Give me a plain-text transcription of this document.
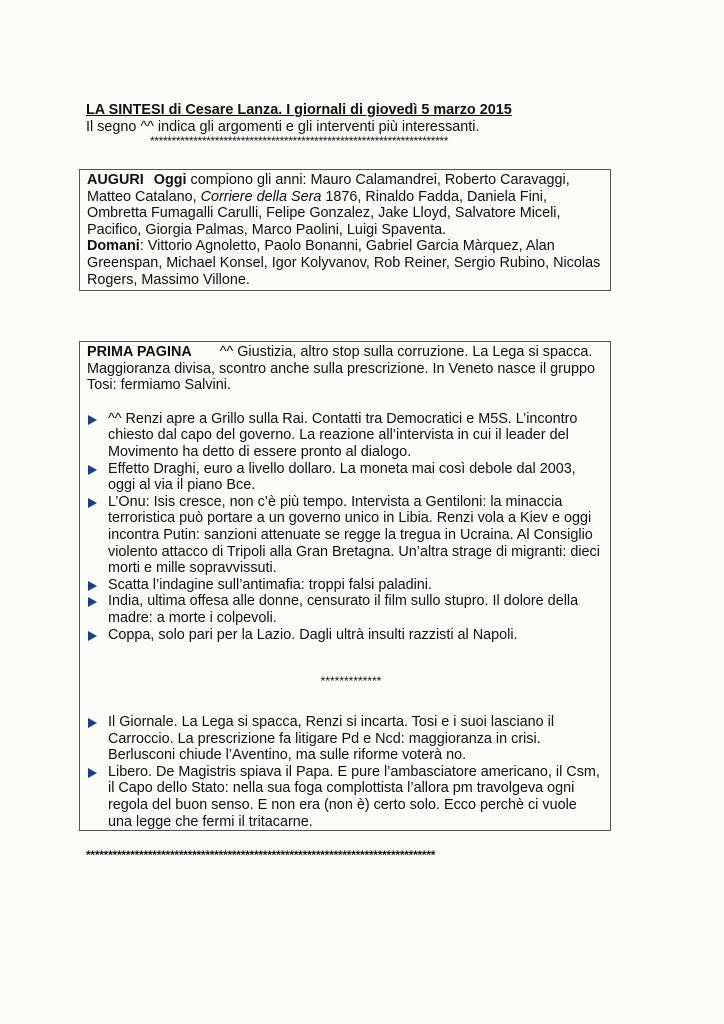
LA SINTESI di Cesare Lanza. I giornali di giovedì 5 marzo 2015
Il segno ^^ indica gli argomenti e gli interventi più interessanti.
*********************************************************************

AUGURI Oggi compiono gli anni: Mauro Calamandrei, Roberto Caravaggi, Matteo Catalano, Corriere della Sera 1876, Rinaldo Fadda, Daniela Fini, Ombretta Fumagalli Carulli, Felipe Gonzalez, Jake Lloyd, Salvatore Miceli, Pacifico, Giorgia Palmas, Marco Paolini, Luigi Spaventa.

Domani: Vittorio Agnoletto, Paolo Bonanni, Gabriel Garcia Màrquez, Alan Greenspan, Michael Konsel, Igor Kolyvanov, Rob Reiner, Sergio Rubino, Nicolas Rogers, Massimo Villone.

PRIMA PAGINA ^^ Giustizia, altro stop sulla corruzione. La Lega si spacca. Maggioranza divisa, scontro anche sulla prescrizione. In Veneto nasce il gruppo Tosi: fermiamo Salvini.

^^ Renzi apre a Grillo sulla Rai. Contatti tra Democratici e M5S. L’incontro chiesto dal capo del governo. La reazione all’intervista in cui il leader del Movimento ha detto di essere pronto al dialogo.
Effetto Draghi, euro a livello dollaro. La moneta mai così debole dal 2003, oggi al via il piano Bce.
L’Onu: Isis cresce, non c’è più tempo. Intervista a Gentiloni: la minaccia terroristica può portare a un governo unico in Libia. Renzi vola a Kiev e oggi incontra Putin: sanzioni attenuate se regge la tregua in Ucraina. Al Consiglio violento attacco di Tripoli alla Gran Bretagna. Un’altra strage di migranti: dieci morti e mille sopravvissuti.
Scatta l’indagine sull’antimafia: troppi falsi paladini.
India, ultima offesa alle donne, censurato il film sullo stupro. Il dolore della madre: a morte i colpevoli.
Coppa, solo pari per la Lazio. Dagli ultrà insulti razzisti al Napoli.

*************

Il Giornale. La Lega si spacca, Renzi si incarta. Tosi e i suoi lasciano il Carroccio. La prescrizione fa litigare Pd e Ncd: maggioranza in crisi. Berlusconi chiude l’Aventino, ma sulle riforme voterà no.
Libero. De Magistris spiava il Papa. E pure l’ambasciatore americano, il Csm, il Capo dello Stato: nella sua foga complottista l’allora pm travolgeva ogni regola del buon senso. E non era (non è) certo solo. Ecco perchè ci vuole una legge che fermi il tritacarne.
*******************************************************************************
